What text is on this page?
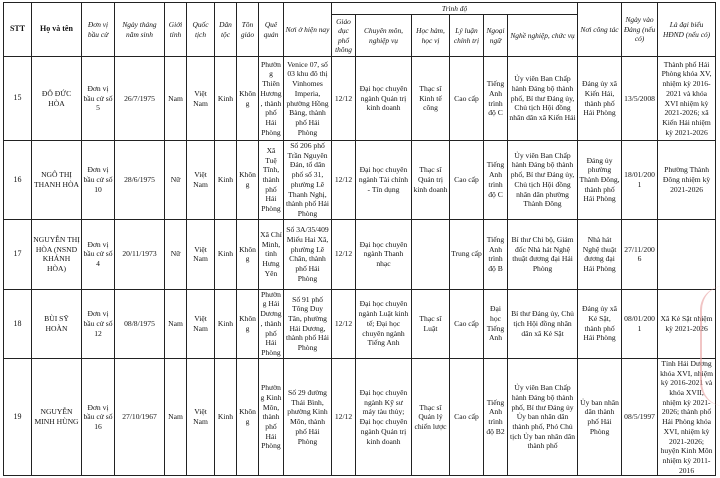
STT	Họ và tên	Đơn vị bầu cử	Ngày tháng năm sinh	Giới tính	Quốc tịch	Dân tộc	Tôn giáo	Quê quán	Nơi ở hiện nay	Trình độ						Nơi công tác	Ngày vào Đảng (nếu có)	Là đại biểu HĐND (nếu có)
										Giáo dục phổ thông	Chuyên môn, nghiệp vụ	Học hàm, học vị	Lý luận chính trị	Ngoại ngữ	Nghề nghiệp, chức vụ			
15	ĐỖ ĐỨC HÒA	Đơn vị bầu cử số 5	26/7/1975	Nam	Việt Nam	Kinh	Không	Phường Thiên Hương, thành phố Hải Phòng	Venice 07, số 03 khu đô thị Vinhomes Imperia, phường Hồng Bàng, thành phố Hải Phòng	12/12	Đại học chuyên ngành Quản trị kinh doanh	Thạc sĩ Kinh tế công	Cao cấp	Tiếng Anh trình độ C	Ủy viên Ban Chấp hành Đảng bộ thành phố, Bí thư Đảng ủy, Chủ tịch Hội đồng nhân dân xã Kiến Hải	Đảng ủy xã Kiến Hải, thành phố Hải Phòng	13/5/2008	Thành phố Hải Phòng khóa XV, nhiệm kỳ 2016-2021 và khóa XVI nhiệm kỳ 2021-2026; xã Kiến Hải nhiệm kỳ 2021-2026
16	NGÔ THỊ THANH HÒA	Đơn vị bầu cử số 10	28/6/1975	Nữ	Việt Nam	Kinh	Không	Xã Tuệ Tĩnh, thành phố Hải Phòng	Số 206 phố Trần Nguyên Đán, tổ dân phố số 31, phường Lê Thanh Nghị, thành phố Hải Phòng	12/12	Đại học chuyên ngành Tài chính - Tín dụng	Thạc sĩ Quản trị kinh doanh	Cao cấp	Tiếng Anh trình độ C	Ủy viên Ban Chấp hành Đảng bộ thành phố, Bí thư Đảng ủy, Chủ tịch Hội đồng nhân dân phường Thành Đông	Đảng ủy phường Thành Đông, thành phố Hải Phòng	18/01/2001	Phường Thành Đông nhiệm kỳ 2021-2026
17	NGUYỄN THỊ HÒA (NSND KHÁNH HÒA)	Đơn vị bầu cử số 4	20/11/1973	Nữ	Việt Nam	Kinh	Không	Xã Chí Minh, tỉnh Hưng Yên	Số 3A/35/409 Miếu Hai Xã, phường Lê Chân, thành phố Hải Phòng	12/12	Đại học chuyên ngành Thanh nhạc		Trung cấp	Tiếng Anh trình độ B	Bí thư Chi bộ, Giám đốc Nhà hát Nghệ thuật đương đại Hải Phòng	Nhà hát Nghệ thuật đương đại Hải Phòng	27/11/2006	
18	BÙI SỸ HOÀN	Đơn vị bầu cử số 12	08/8/1975	Nam	Việt Nam	Kinh	Không	Phường Hải Dương, thành phố Hải Phòng	Số 91 phố Tông Duy Tân, phường Hải Dương, thành phố Hải Phòng	12/12	Đại học chuyên ngành Luật kinh tế; Đại học chuyên ngành Tiếng Anh	Thạc sĩ Luật	Cao cấp	Đại học Tiếng Anh	Bí thư Đảng ủy, Chủ tịch Hội đồng nhân dân xã Kẻ Sặt	Đảng ủy xã Kẻ Sặt, thành phố Hải Phòng	08/01/2001	Xã Kẻ Sặt nhiệm kỳ 2021-2026
19	NGUYỄN MINH HÙNG	Đơn vị bầu cử số 16	27/10/1967	Nam	Việt Nam	Kinh	Không	Phường Kinh Môn, thành phố Hải Phòng	Số 29 đường Thái Bình, phường Kinh Môn, thành phố Hải Phòng	12/12	Đại học chuyên ngành Kỹ sư máy tàu thủy; Đại học chuyên ngành Quản trị kinh doanh	Thạc sĩ Quản lý chiến lược	Cao cấp	Tiếng Anh trình độ B2	Ủy viên Ban Chấp hành Đảng bộ thành phố, Bí thư Đảng ủy Ủy ban nhân dân thành phố, Phó Chủ tịch Ủy ban nhân dân thành phố	Ủy ban nhân dân thành phố Hải Phòng	08/5/1997	Tỉnh Hải Dương khóa XVI, nhiệm kỳ 2016-2021 và khóa XVII, nhiệm kỳ 2021-2026; thành phố Hải Phòng khóa XVI, nhiệm kỳ 2021-2026; huyện Kinh Môn nhiệm kỳ 2011-2016
